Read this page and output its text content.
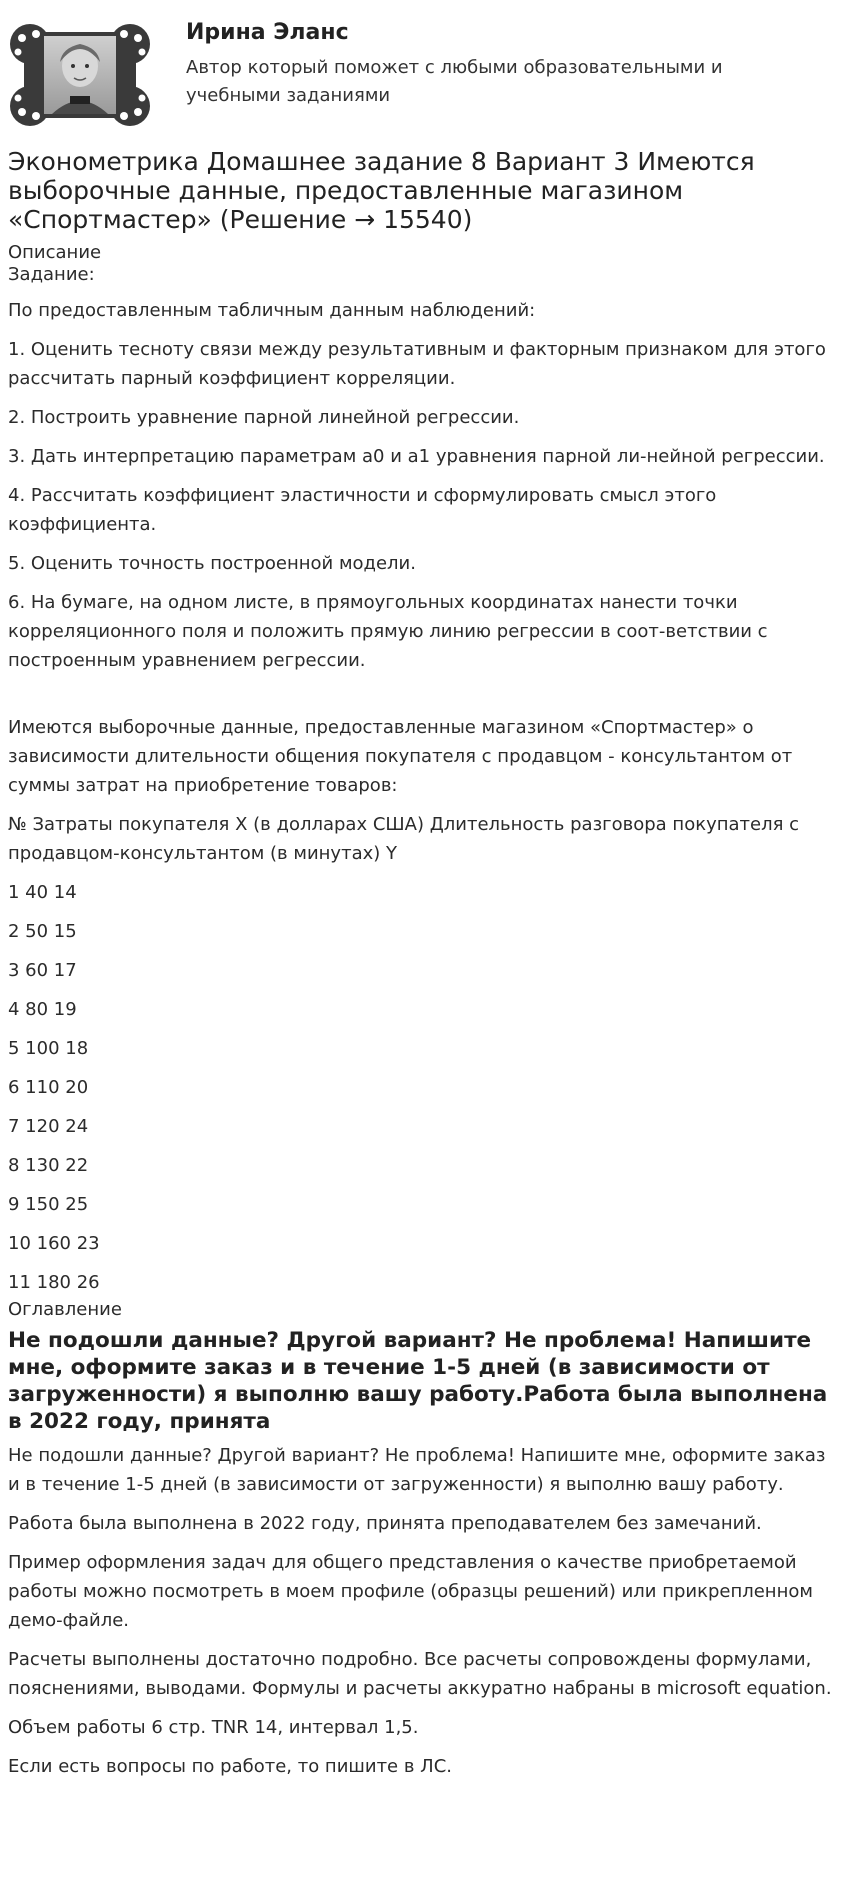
Ирина Эланс

Автор который поможет с любыми образовательными и учебными заданиями

Эконометрика Домашнее задание 8 Вариант 3 Имеются выборочные данные, предоставленные магазином «Спортмастер» (Решение → 15540)
Описание
Задание:

По предоставленным табличным данным наблюдений:

1. Оценить тесноту связи между результативным и факторным признаком для этого рассчитать парный коэффициент корреляции.

2. Построить уравнение парной линейной регрессии.

3. Дать интерпретацию параметрам a0 и a1 уравнения парной ли-нейной регрессии.

4. Рассчитать коэффициент эластичности и сформулировать смысл этого коэффициента.

5. Оценить точность построенной модели.

6. На бумаге, на одном листе, в прямоугольных координатах нанести точки корреляционного поля и положить прямую линию регрессии в соот-ветствии с построенным уравнением регрессии.

Имеются выборочные данные, предоставленные магазином «Спортмастер» о зависимости длительности общения покупателя с продавцом - консультантом от суммы затрат на приобретение товаров:

№ Затраты покупателя X (в долларах США) Длительность разговора покупателя с продавцом-консультантом (в минутах) Y

1 40 14

2 50 15

3 60 17

4 80 19

5 100 18

6 110 20

7 120 24

8 130 22

9 150 25

10 160 23

11 180 26

Оглавление
Не подошли данные? Другой вариант? Не проблема! Напишите мне, оформите заказ и в течение 1-5 дней (в зависимости от загруженности) я выполню вашу работу.Работа была выполнена в 2022 году, принята

Не подошли данные? Другой вариант? Не проблема! Напишите мне, оформите заказ и в течение 1-5 дней (в зависимости от загруженности) я выполню вашу работу.

Работа была выполнена в 2022 году, принята преподавателем без замечаний.

Пример оформления задач для общего представления о качестве приобретаемой работы можно посмотреть в моем профиле (образцы решений) или прикрепленном демо-файле.

Расчеты выполнены достаточно подробно. Все расчеты сопровождены формулами, пояснениями, выводами. Формулы и расчеты аккуратно набраны в microsoft equation.

Объем работы 6 стр. TNR 14, интервал 1,5.

Если есть вопросы по работе, то пишите в ЛС.
